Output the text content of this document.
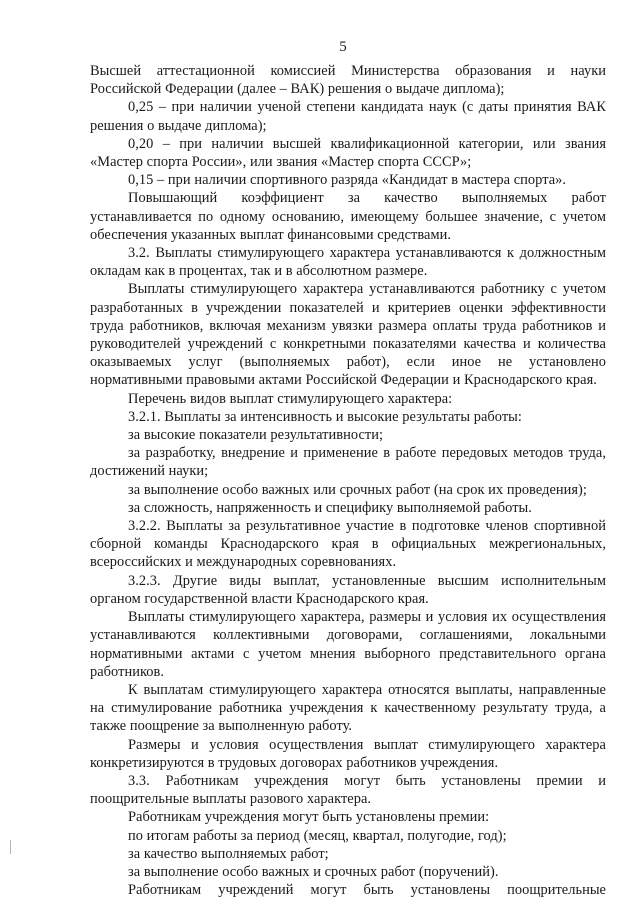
5

Высшей аттестационной комиссией Министерства образования и науки Российской Федерации (далее – ВАК) решения о выдаче диплома);

0,25 – при наличии ученой степени кандидата наук (с даты принятия ВАК решения о выдаче диплома);

0,20 – при наличии высшей квалификационной категории, или звания «Мастер спорта России», или звания «Мастер спорта СССР»;

0,15 – при наличии спортивного разряда «Кандидат в мастера спорта».

Повышающий коэффициент за качество выполняемых работ устанавливается по одному основанию, имеющему большее значение, с учетом обеспечения указанных выплат финансовыми средствами.

3.2. Выплаты стимулирующего характера устанавливаются к должностным окладам как в процентах, так и в абсолютном размере.

Выплаты стимулирующего характера устанавливаются работнику с учетом разработанных в учреждении показателей и критериев оценки эффективности труда работников, включая механизм увязки размера оплаты труда работников и руководителей учреждений с конкретными показателями качества и количества оказываемых услуг (выполняемых работ), если иное не установлено нормативными правовыми актами Российской Федерации и Краснодарского края.

Перечень видов выплат стимулирующего характера:

3.2.1. Выплаты за интенсивность и высокие результаты работы:

за высокие показатели результативности;

за разработку, внедрение и применение в работе передовых методов труда, достижений науки;

за выполнение особо важных или срочных работ (на срок их проведения);

за сложность, напряженность и специфику выполняемой работы.

3.2.2. Выплаты за результативное участие в подготовке членов спортивной сборной команды Краснодарского края в официальных межрегиональных, всероссийских и международных соревнованиях.

3.2.3. Другие виды выплат, установленные высшим исполнительным органом государственной власти Краснодарского края.

Выплаты стимулирующего характера, размеры и условия их осуществления устанавливаются коллективными договорами, соглашениями, локальными нормативными актами с учетом мнения выборного представительного органа работников.

К выплатам стимулирующего характера относятся выплаты, направленные на стимулирование работника учреждения к качественному результату труда, а также поощрение за выполненную работу.

Размеры и условия осуществления выплат стимулирующего характера конкретизируются в трудовых договорах работников учреждения.

3.3. Работникам учреждения могут быть установлены премии и поощрительные выплаты разового характера.

Работникам учреждения могут быть установлены премии:

по итогам работы за период (месяц, квартал, полугодие, год);

за качество выполняемых работ;

за выполнение особо важных и срочных работ (поручений).

Работникам учреждений могут быть установлены поощрительные
